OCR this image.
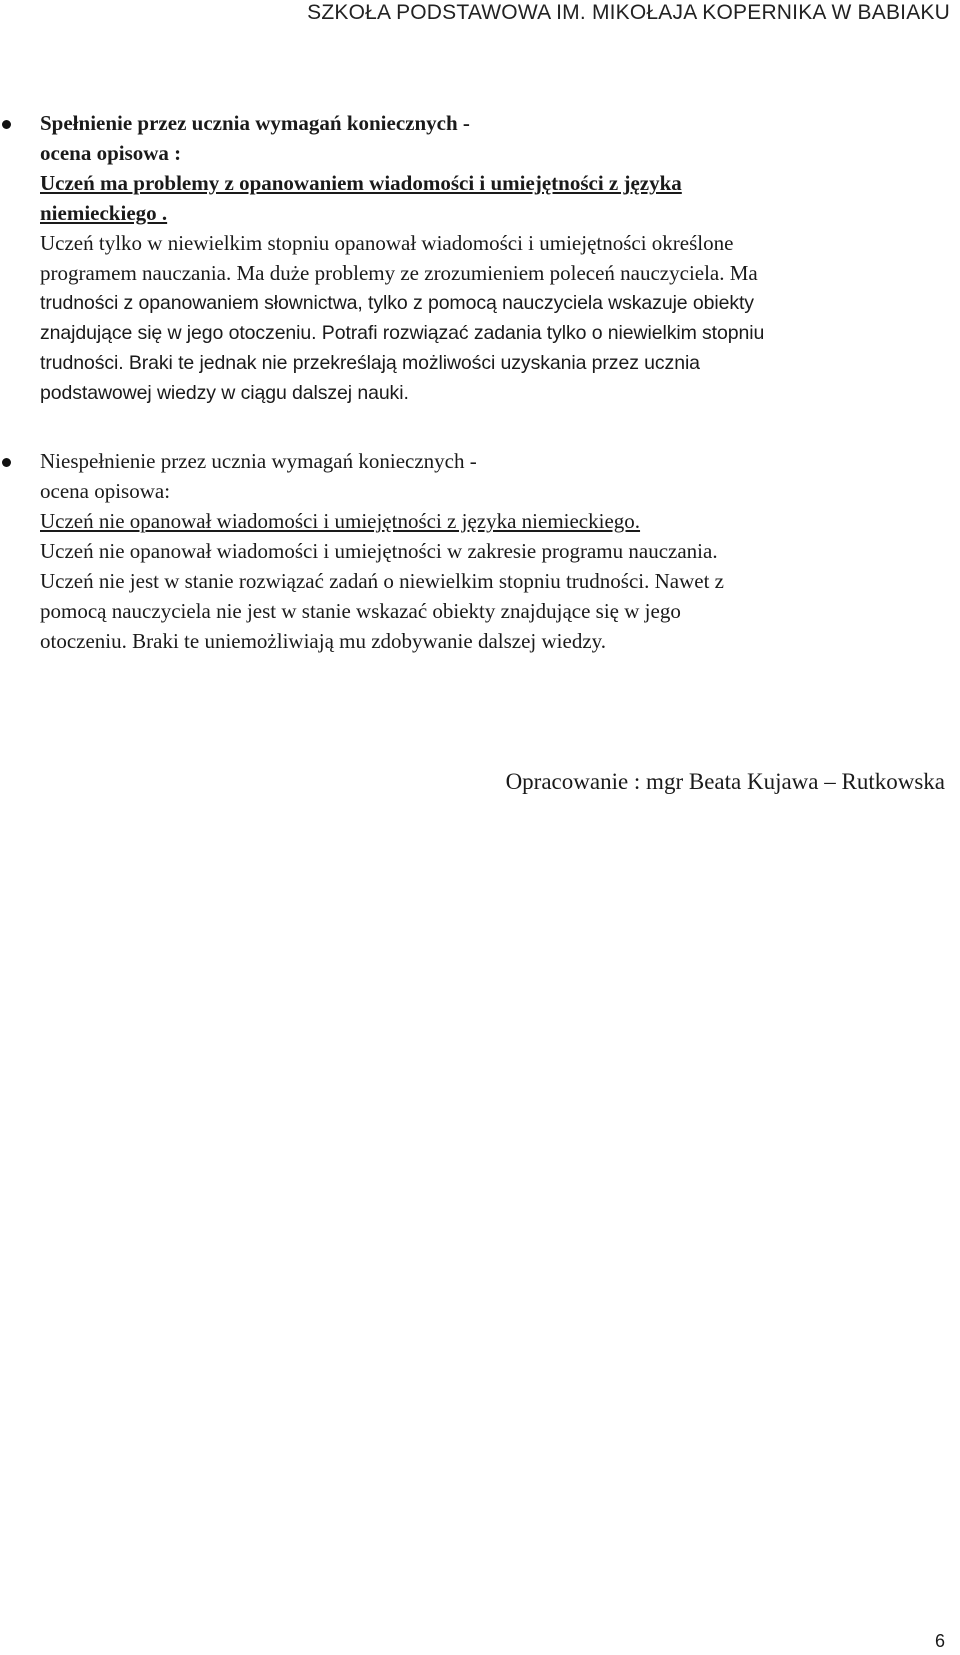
SZKOŁA PODSTAWOWA IM. MIKOŁAJA KOPERNIKA W BABIAKU
Spełnienie przez ucznia wymagań koniecznych -
ocena opisowa :
Uczeń ma problemy z opanowaniem wiadomości i umiejętności z języka
niemieckiego .
Uczeń tylko w niewielkim stopniu opanował wiadomości i umiejętności określone
programem nauczania. Ma duże problemy ze zrozumieniem poleceń nauczyciela. Ma
trudności z opanowaniem słownictwa, tylko z pomocą nauczyciela wskazuje obiekty
znajdujące się w jego otoczeniu. Potrafi rozwiązać zadania tylko o niewielkim stopniu
trudności. Braki te jednak nie przekreślają możliwości uzyskania przez ucznia
podstawowej wiedzy w ciągu dalszej nauki.
Niespełnienie przez ucznia wymagań koniecznych -
ocena opisowa:
Uczeń nie opanował wiadomości i umiejętności z języka niemieckiego.
Uczeń nie opanował wiadomości i umiejętności w zakresie programu nauczania.
Uczeń nie jest w stanie rozwiązać zadań o niewielkim stopniu trudności. Nawet z
pomocą nauczyciela nie jest w stanie wskazać obiekty znajdujące się w jego
otoczeniu. Braki te uniemożliwiają mu zdobywanie dalszej wiedzy.
Opracowanie : mgr Beata Kujawa – Rutkowska
6
